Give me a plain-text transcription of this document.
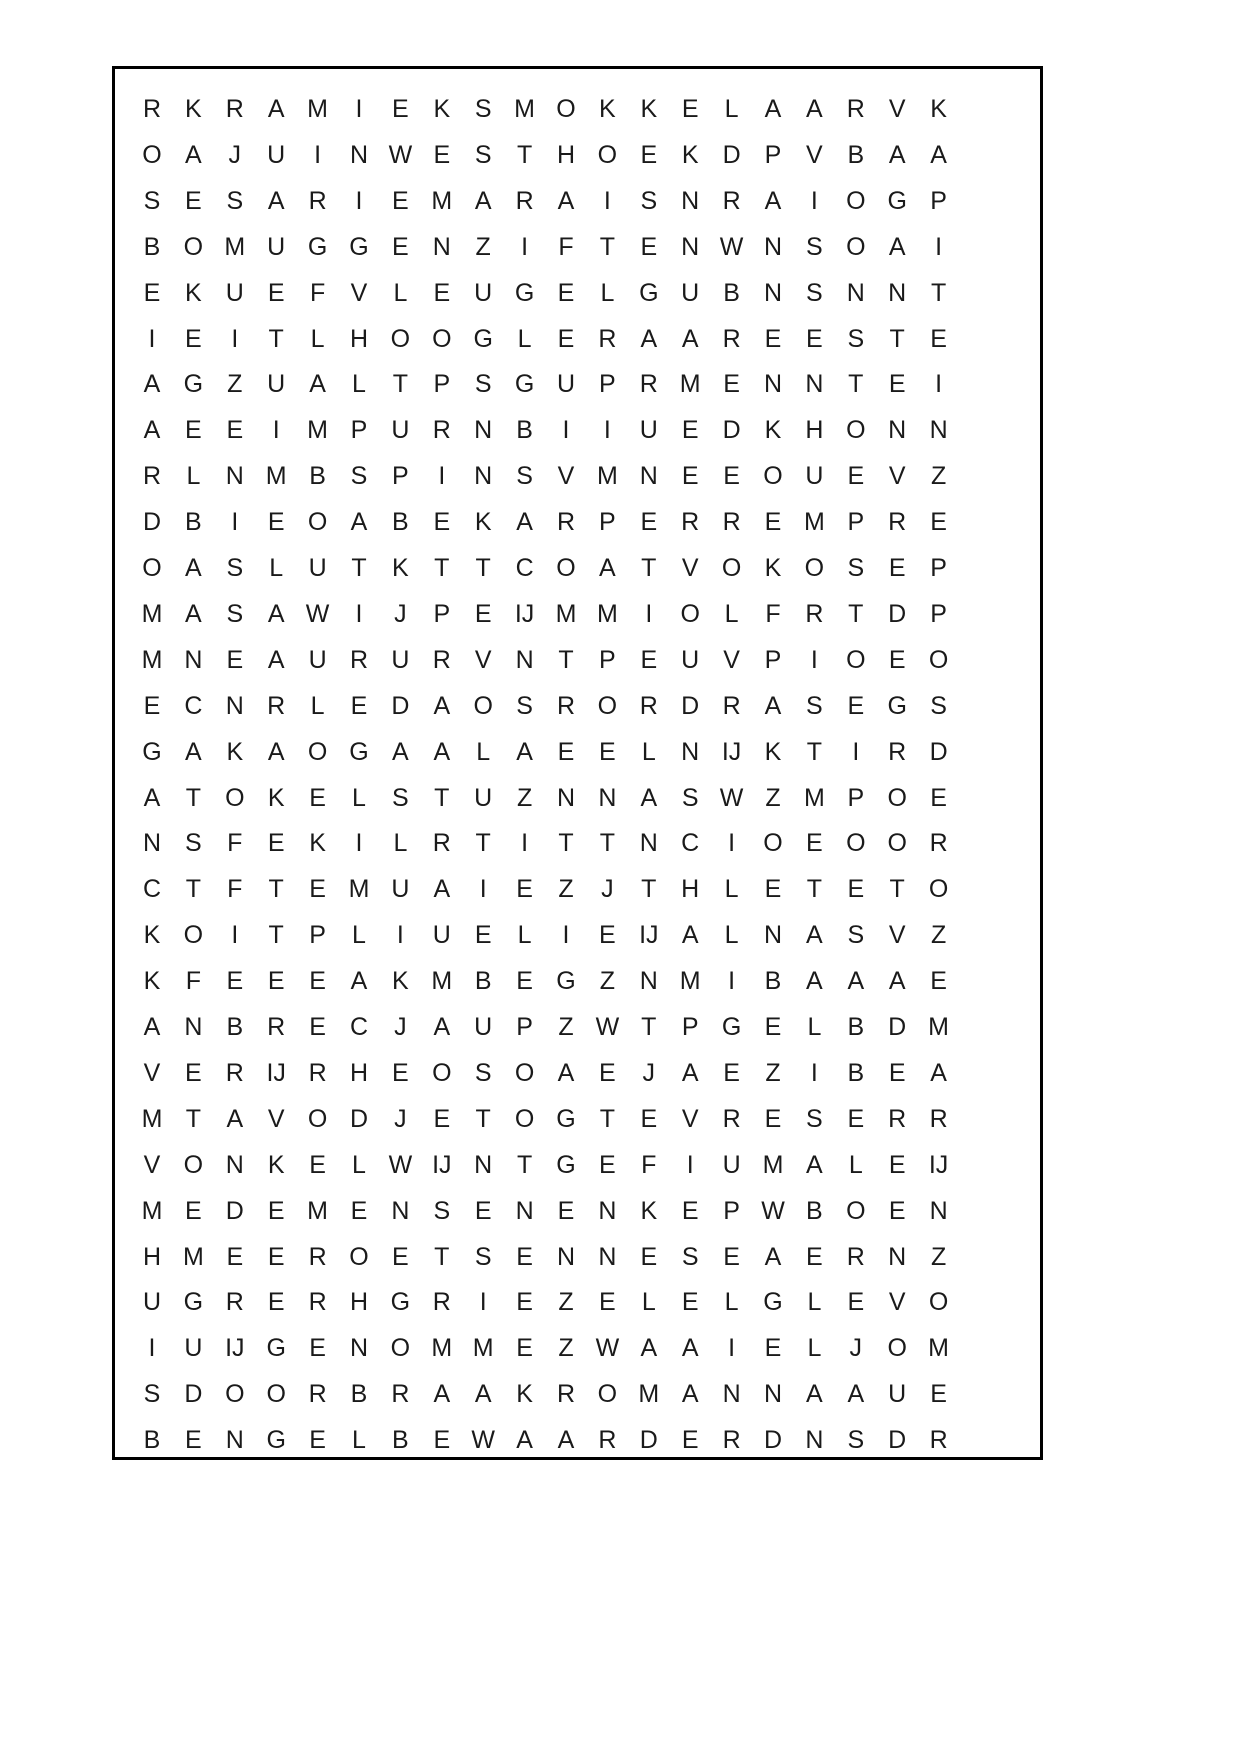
R K R A M	I	E K S M O K K E	L	A A R V K
O A	J	U	I	N W E S	T H O E K D P V B A A
S E S A R	I	E M A R A	I	S N R A	I	O G P
B O M U G G E N Z	I	F	T	E N W N S O A	I
E K U E	F	V	L	E U G E	L G U B N S N N T
I	E	I	T	L	H O O G L	E R A A R E E S	T	E
A G Z U A	L	T	P S G U P R M E N N T	E	I
A E E	I	M P U R N B	I	I	U E D K H O N N
R	L	N M B S P	I	N S V M N E E O U E V	Z
D B	I	E O A B E K A R P E R R E M P R E
O A S	L	U T	K	T	T C O A	T	V O K O S E P
M A S A W	I	J	P E IJ M M	I	O L	F R T D P
M N E A U R U R V N T	P E U V P	I	O E O
E C N R	L	E D A O S R O R D R A S E G S
G A K A O G A A	L	A E E	L	N IJ K	T	I	R D
A	T O K E	L	S	T U Z N N A S W Z M P O E
N S	F	E K	I	L	R T	I	T	T N C	I	O E O O R
C T	F	T	E M U A	I	E	Z	J	T H	L	E	T	E	T O
K O	I	T	P	L	I	U E	L	I	E IJ A	L	N A S V	Z
K	F	E E E A K M B E G Z N M	I	B A A A E
A N B R E C	J	A U P	Z W T	P G E	L	B D M
V E R IJ R H E O S O A E	J	A E	Z	I	B E A
M T	A V O D	J	E	T O G T	E V R E S E R R
V O N K E	L W IJ N T G E	F	I	U M A	L	E IJ
M E D E M E N S E N E N K E P W B O E N
H M E E R O E	T	S E N N E S E A E R N Z
U G R E R H G R	I	E	Z	E	L	E	L G L	E V O
I	U IJ G E N O M M E	Z W A A	I	E	L	J	O M
S D O O R B R A A K R O M A N N A A U E
B E N G E	L	B E W A A R D E R D N S D R
